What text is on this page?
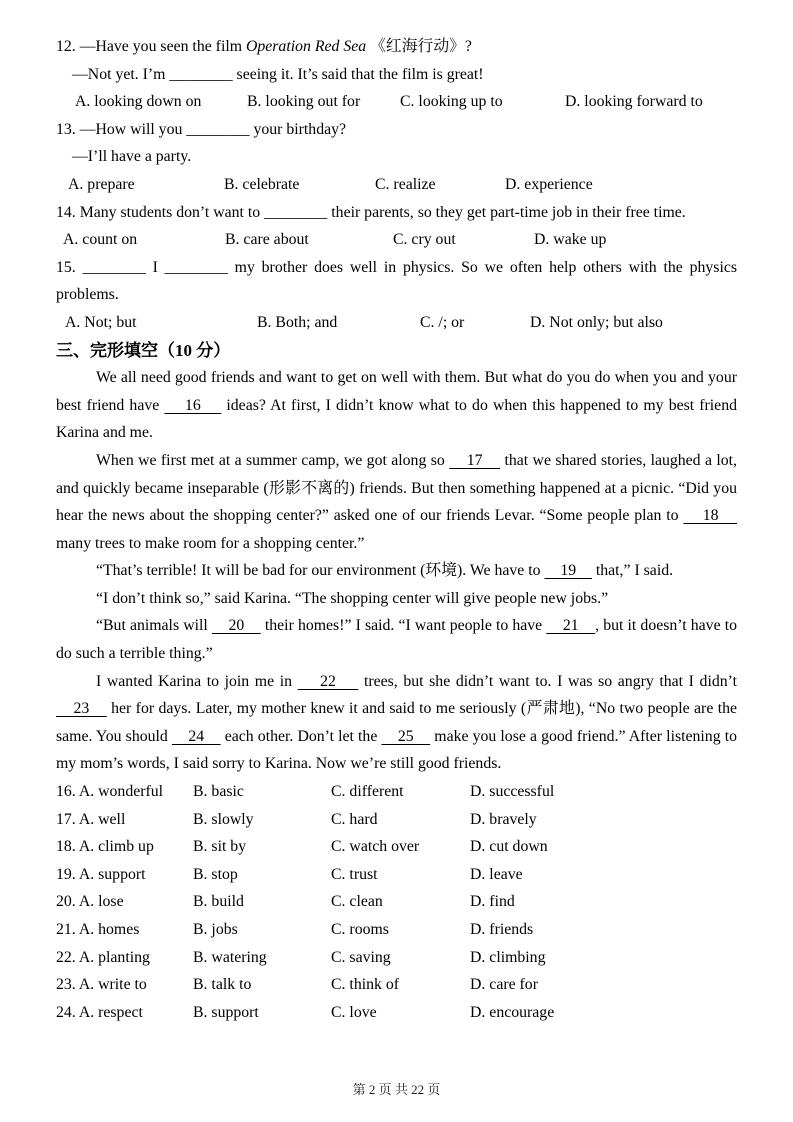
12. —Have you seen the film Operation Red Sea 《红海行动》?

—Not yet. I’m ________ seeing it. It’s said that the film is great!

A. looking down on	B. looking out for	C. looking up to	D. looking forward to

13. —How will you ________ your birthday?

—I’ll have a party.

A. prepare	B. celebrate	C. realize	D. experience

14. Many students don’t want to ________ their parents, so they get part-time job in their free time.

A. count on	B. care about	C. cry out	D. wake up

15. ________ I ________ my brother does well in physics. So we often help others with the physics problems.

A. Not; but	B. Both; and	C. /; or	D. Not only; but also
三、完形填空（10 分）

We all need good friends and want to get on well with them. But what do you do when you and your best friend have     16     ideas? At first, I didn’t know what to do when this happened to my best friend Karina and me.

When we first met at a summer camp, we got along so     17     that we shared stories, laughed a lot, and quickly became inseparable (形影不离的) friends. But then something happened at a picnic. “Did you hear the news about the shopping center?” asked one of our friends Levar. “Some people plan to     18     many trees to make room for a shopping center.”

“That’s terrible! It will be bad for our environment (环境). We have to     19     that,” I said.

“I don’t think so,” said Karina. “The shopping center will give people new jobs.”

“But animals will     20     their homes!” I said. “I want people to have     21    , but it doesn’t have to do such a terrible thing.”

I wanted Karina to join me in     22     trees, but she didn’t want to. I was so angry that I didn’t     23     her for days. Later, my mother knew it and said to me seriously (严肃地), “No two people are the same. You should     24     each other. Don’t let the     25     make you lose a good friend.” After listening to my mom’s words, I said sorry to Karina. Now we’re still good friends.

16. A. wonderful	B. basic	C. different	D. successful
17. A. well	B. slowly	C. hard	D. bravely
18. A. climb up	B. sit by	C. watch over	D. cut down
19. A. support	B. stop	C. trust	D. leave
20. A. lose	B. build	C. clean	D. find
21. A. homes	B. jobs	C. rooms	D. friends
22. A. planting	B. watering	C. saving	D. climbing
23. A. write to	B. talk to	C. think of	D. care for
24. A. respect	B. support	C. love	D. encourage
第 2 页 共 22 页
